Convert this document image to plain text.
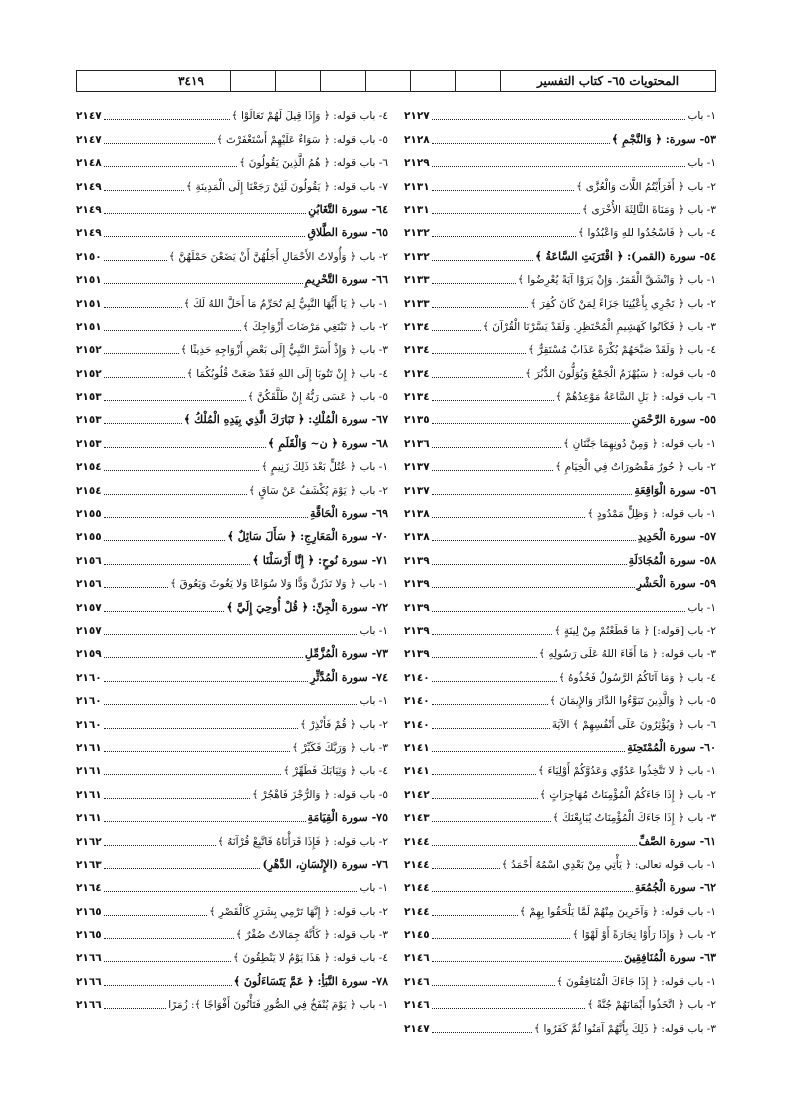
المحتويات ٦٥- كتاب التفسير
٣٤١٩
١- باب
٢١٢٧
٥٣- سورة: ﴿ وَالنَّجْمِ ﴾
٢١٢٨
١- باب
٢١٢٩
٢- باب ﴿ أَفَرَأَيْتُمُ اللَّاتَ وَالْعُزَّى ﴾
٢١٣١
٣- باب ﴿ وَمَنَاةَ الثَّالِثَةَ الأُخْرَى ﴾
٢١٣١
٤- باب ﴿ فَاسْجُدُوا للهِ وَاعْبُدُوا ﴾
٢١٣٢
٥٤- سورة (القمر): ﴿ اقْتَرَبَتِ السَّاعَةُ ﴾
٢١٣٢
١- باب ﴿ وَانْشَقَّ الْقَمَرُ. وَإِنْ يَرَوْا آيَةً يُعْرِضُوا ﴾
٢١٣٣
٢- باب ﴿ تَجْرِي بِأَعْيُنِنَا جَزَاءً لِمَنْ كَانَ كُفِرَ ﴾
٢١٣٣
٣- باب ﴿ فَكَانُوا كَهَشِيمِ الْمُحْتَظِرِ. وَلَقَدْ يَسَّرْنَا الْقُرْآنَ ﴾
٢١٣٤
٤- باب ﴿ وَلَقَدْ صَبَّحَهُمْ بُكْرَةً عَذَابٌ مُسْتَقِرٌّ ﴾
٢١٣٤
٥- باب قوله: ﴿ سَيُهْزَمُ الْجَمْعُ وَيُوَلُّونَ الدُّبُرَ ﴾
٢١٣٤
٦- باب قوله: ﴿ بَلِ السَّاعَةُ مَوْعِدُهُمْ ﴾
٢١٣٤
٥٥- سورة الرَّحْمَنِ
٢١٣٥
١- باب قوله: ﴿ وَمِنْ دُونِهِمَا جَنَّتَانِ ﴾
٢١٣٦
٢- باب ﴿ حُورٌ مَقْصُورَاتٌ فِي الْخِيَامِ ﴾
٢١٣٧
٥٦- سورة الْوَاقِعَةِ
٢١٣٧
١- باب قوله: ﴿ وَظِلٍّ مَمْدُودٍ ﴾
٢١٣٨
٥٧- سورة الْحَدِيدِ
٢١٣٨
٥٨- سورة الْمُجَادَلَةِ
٢١٣٩
٥٩- سورة الْحَشْرِ
٢١٣٩
١- باب
٢١٣٩
٢- باب [قوله:] ﴿ مَا قَطَعْتُمْ مِنْ لِينَةٍ ﴾
٢١٣٩
٣- باب قوله: ﴿ مَا أَفَاءَ اللهُ عَلَى رَسُولِهِ ﴾
٢١٣٩
٤- باب ﴿ وَمَا آتَاكُمُ الرَّسُولُ فَخُذُوهُ ﴾
٢١٤٠
٥- باب ﴿ وَالَّذِينَ تَبَوَّءُوا الدَّارَ وَالإِيمَانَ ﴾
٢١٤٠
٦- باب ﴿ وَيُؤْثِرُونَ عَلَى أَنْفُسِهِمْ ﴾ الآيَةَ
٢١٤٠
٦٠- سورة الْمُمْتَحِنَةِ
٢١٤١
١- باب ﴿ لا تَتَّخِذُوا عَدُوِّي وَعَدُوَّكُمْ أَوْلِيَاءَ ﴾
٢١٤١
٢- باب ﴿ إِذَا جَاءَكُمُ الْمُؤْمِنَاتُ مُهَاجِرَاتٍ ﴾
٢١٤٢
٣- باب ﴿ إِذَا جَاءَكَ الْمُؤْمِنَاتُ يُبَايِعْنَكَ ﴾
٢١٤٣
٦١- سورة الصَّفِّ
٢١٤٤
١- باب قوله تعالى: ﴿ يَأْتِي مِنْ بَعْدِي اسْمُهُ أَحْمَدُ ﴾
٢١٤٤
٦٢- سورة الْجُمُعَةِ
٢١٤٤
١- باب قوله: ﴿ وَآخَرِينَ مِنْهُمْ لَمَّا يَلْحَقُوا بِهِمْ ﴾
٢١٤٤
٢- باب ﴿ وَإِذَا رَأَوْا تِجَارَةً أَوْ لَهْوًا ﴾
٢١٤٥
٦٣- سورة الْمُنَافِقِينَ
٢١٤٦
١- باب قوله: ﴿ إِذَا جَاءَكَ الْمُنَافِقُونَ ﴾
٢١٤٦
٢- باب ﴿ اتَّخَذُوا أَيْمَانَهُمْ جُنَّةً ﴾
٢١٤٦
٣- باب قوله: ﴿ ذَلِكَ بِأَنَّهُمْ آمَنُوا ثُمَّ كَفَرُوا ﴾
٢١٤٧
٤- باب قوله: ﴿ وَإِذَا قِيلَ لَهُمْ تَعَالَوْا ﴾
٢١٤٧
٥- باب قوله: ﴿ سَوَاءٌ عَلَيْهِمْ أَسْتَغْفَرْتَ ﴾
٢١٤٧
٦- باب قوله: ﴿ هُمُ الَّذِينَ يَقُولُونَ ﴾
٢١٤٨
٧- باب قوله: ﴿ يَقُولُونَ لَئِنْ رَجَعْنَا إِلَى الْمَدِينَةِ ﴾
٢١٤٩
٦٤- سورة التَّغَابُنِ
٢١٤٩
٦٥- سورة الطَّلاقِ
٢١٤٩
٢- باب ﴿ وَأُولاتُ الأَحْمَالِ أَجَلُهُنَّ أَنْ يَضَعْنَ حَمْلَهُنَّ ﴾
٢١٥٠
٦٦- سورة التَّحْرِيمِ
٢١٥١
١- باب ﴿ يَا أَيُّهَا النَّبِيُّ لِمَ تُحَرِّمُ مَا أَحَلَّ اللهُ لَكَ ﴾
٢١٥١
٢- باب ﴿ تَبْتَغِي مَرْضَاتَ أَزْوَاجِكَ ﴾
٢١٥١
٣- باب ﴿ وَإِذْ أَسَرَّ النَّبِيُّ إِلَى بَعْضِ أَزْوَاجِهِ حَدِيثًا ﴾
٢١٥٢
٤- باب ﴿ إِنْ تَتُوبَا إِلَى اللهِ فَقَدْ صَغَتْ قُلُوبُكُمَا ﴾
٢١٥٢
٥- باب ﴿ عَسَى رَبُّهُ إِنْ طَلَّقَكُنَّ ﴾
٢١٥٣
٦٧- سورة الْمُلْكِ: ﴿ تَبَارَكَ الَّذِي بِيَدِهِ الْمُلْكُ ﴾
٢١٥٣
٦٨- سورة ﴿ ن~ وَالْقَلَمِ ﴾
٢١٥٣
١- باب ﴿ عُتُلٍّ بَعْدَ ذَلِكَ زَنِيمٍ ﴾
٢١٥٤
٢- باب ﴿ يَوْمَ يُكْشَفُ عَنْ سَاقٍ ﴾
٢١٥٤
٦٩- سورة الْحَاقَّةِ
٢١٥٥
٧٠- سورة الْمَعَارِجِ: ﴿ سَأَلَ سَائِلٌ ﴾
٢١٥٥
٧١- سورة نُوحٍ: ﴿ إِنَّا أَرْسَلْنَا ﴾
٢١٥٦
١- باب ﴿ وَلا تَذَرُنَّ وَدًّا وَلا سُوَاعًا وَلا يَغُوثَ وَيَعُوقَ ﴾
٢١٥٦
٧٢- سورة الْجِنِّ: ﴿ قُلْ أُوحِيَ إِلَيَّ ﴾
٢١٥٧
١- باب
٢١٥٧
٧٣- سورة الْمُزَّمِّلِ
٢١٥٩
٧٤- سورة الْمُدَّثِّرِ
٢١٦٠
١- باب
٢١٦٠
٢- باب ﴿ قُمْ فَأَنْذِرْ ﴾
٢١٦٠
٣- باب ﴿ وَرَبَّكَ فَكَبِّرْ ﴾
٢١٦١
٤- باب ﴿ وَثِيَابَكَ فَطَهِّرْ ﴾
٢١٦١
٥- باب قوله: ﴿ وَالرُّجْزَ فَاهْجُرْ ﴾
٢١٦١
٧٥- سورة الْقِيَامَةِ
٢١٦١
٢- باب قوله: ﴿ فَإِذَا قَرَأْنَاهُ فَاتَّبِعْ قُرْآنَهُ ﴾
٢١٦٢
٧٦- سورة (الإِنْسَانِ، الدَّهْرِ)
٢١٦٣
١- باب
٢١٦٤
٢- باب قوله: ﴿ إِنَّهَا تَرْمِي بِشَرَرٍ كَالْقَصْرِ ﴾
٢١٦٥
٣- باب قوله: ﴿ كَأَنَّهُ جِمَالاتٌ صُفْرٌ ﴾
٢١٦٥
٤- باب قوله: ﴿ هَذَا يَوْمُ لا يَنْطِقُونَ ﴾
٢١٦٦
٧٨- سورة النَّبَأِ: ﴿ عَمَّ يَتَسَاءَلُونَ ﴾
٢١٦٦
١- باب ﴿ يَوْمَ يُنْفَخُ فِي الصُّورِ فَتَأْتُونَ أَفْوَاجًا ﴾: زُمَرًا
٢١٦٦
